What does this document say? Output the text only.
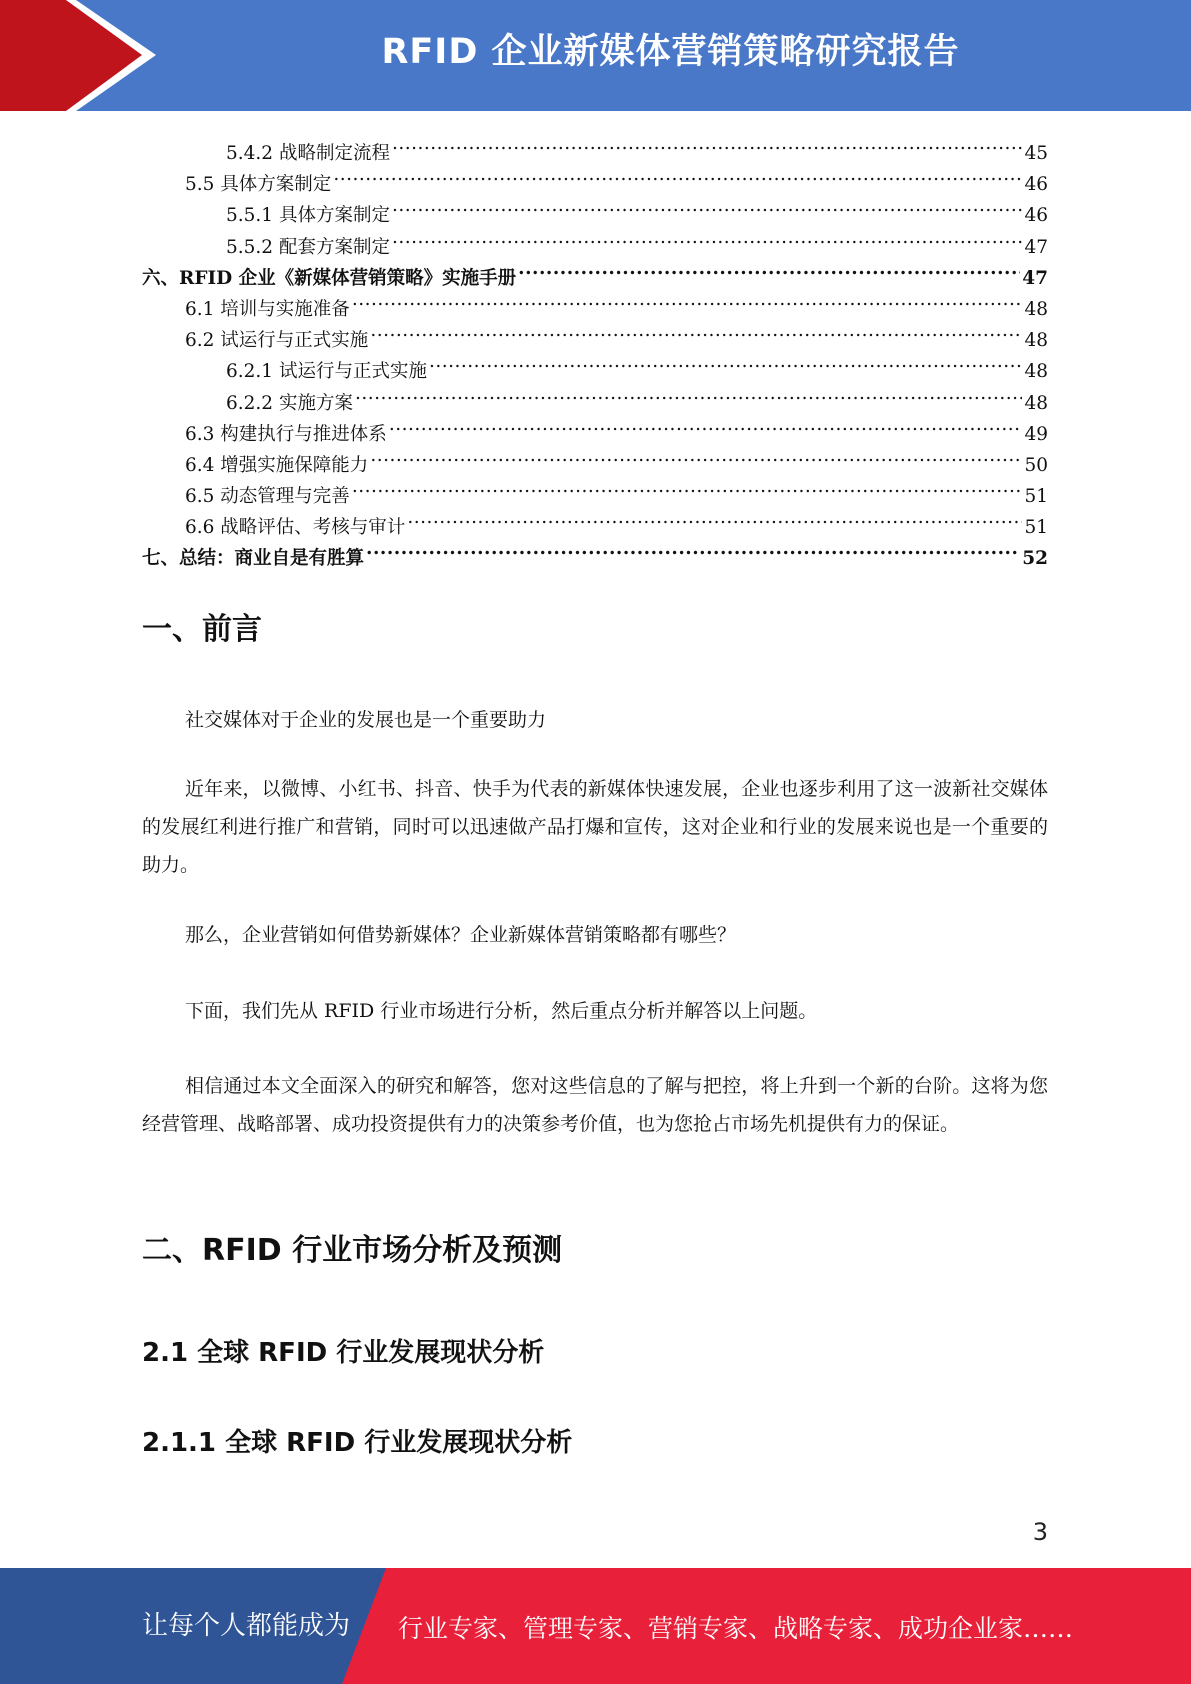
RFID 企业新媒体营销策略研究报告
5.4.2 战略制定流程 .....	45
5.5 具体方案制定 .....	46
5.5.1 具体方案制定 .....	46
5.5.2 配套方案制定 .....	47
六、RFID 企业《新媒体营销策略》实施手册 .....	47
6.1 培训与实施准备 .....	48
6.2 试运行与正式实施 .....	48
6.2.1 试运行与正式实施 .....	48
6.2.2 实施方案 .....	48
6.3 构建执行与推进体系 .....	49
6.4 增强实施保障能力 .....	50
6.5 动态管理与完善 .....	51
6.6 战略评估、考核与审计 .....	51
七、总结：商业自是有胜算 .....	52
一、前言

社交媒体对于企业的发展也是一个重要助力

近年来，以微博、小红书、抖音、快手为代表的新媒体快速发展，企业也逐步利用了这一波新社交媒体的发展红利进行推广和营销，同时可以迅速做产品打爆和宣传，这对企业和行业的发展来说也是一个重要的助力。

那么，企业营销如何借势新媒体？企业新媒体营销策略都有哪些？

下面，我们先从 RFID 行业市场进行分析，然后重点分析并解答以上问题。

相信通过本文全面深入的研究和解答，您对这些信息的了解与把控，将上升到一个新的台阶。这将为您经营管理、战略部署、成功投资提供有力的决策参考价值，也为您抢占市场先机提供有力的保证。

二、RFID 行业市场分析及预测
2.1 全球 RFID 行业发展现状分析
2.1.1 全球 RFID 行业发展现状分析
3
让每个人都能成为 行业专家、管理专家、营销专家、战略专家、成功企业家……
